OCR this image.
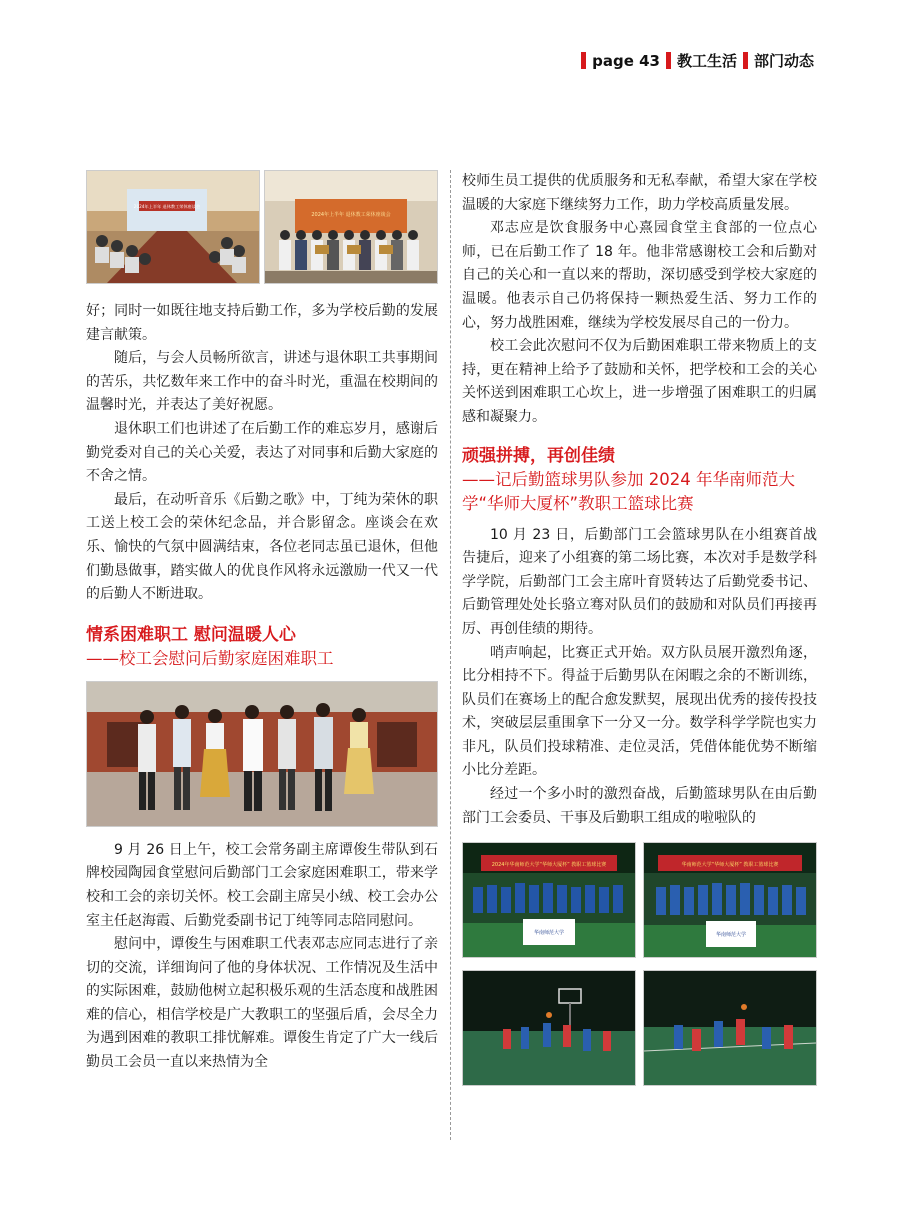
page 43 教工生活 部门动态
2024年上半年 退休教工荣休座谈会
2024年上半年 退休教工荣休座谈会

好；同时一如既往地支持后勤工作，多为学校后勤的发展建言献策。

随后，与会人员畅所欲言，讲述与退休职工共事期间的苦乐，共忆数年来工作中的奋斗时光，重温在校期间的温馨时光，并表达了美好祝愿。

退休职工们也讲述了在后勤工作的难忘岁月，感谢后勤党委对自己的关心关爱，表达了对同事和后勤大家庭的不舍之情。

最后，在动听音乐《后勤之歌》中，丁纯为荣休的职工送上校工会的荣休纪念品，并合影留念。座谈会在欢乐、愉快的气氛中圆满结束，各位老同志虽已退休，但他们勤恳做事，踏实做人的优良作风将永远激励一代又一代的后勤人不断进取。

情系困难职工 慰问温暖人心

——校工会慰问后勤家庭困难职工

9 月 26 日上午，校工会常务副主席谭俊生带队到石牌校园陶园食堂慰问后勤部门工会家庭困难职工，带来学校和工会的亲切关怀。校工会副主席吴小绒、校工会办公室主任赵海霞、后勤党委副书记丁纯等同志陪同慰问。

慰问中，谭俊生与困难职工代表邓志应同志进行了亲切的交流，详细询问了他的身体状况、工作情况及生活中的实际困难，鼓励他树立起积极乐观的生活态度和战胜困难的信心，相信学校是广大教职工的坚强后盾，会尽全力为遇到困难的教职工排忧解难。谭俊生肯定了广大一线后勤员工会员一直以来热情为全

校师生员工提供的优质服务和无私奉献，希望大家在学校温暖的大家庭下继续努力工作，助力学校高质量发展。

邓志应是饮食服务中心熹园食堂主食部的一位点心师，已在后勤工作了 18 年。他非常感谢校工会和后勤对自己的关心和一直以来的帮助，深切感受到学校大家庭的温暖。他表示自己仍将保持一颗热爱生活、努力工作的心，努力战胜困难，继续为学校发展尽自己的一份力。

校工会此次慰问不仅为后勤困难职工带来物质上的支持，更在精神上给予了鼓励和关怀，把学校和工会的关心关怀送到困难职工心坎上，进一步增强了困难职工的归属感和凝聚力。

顽强拼搏，再创佳绩

——记后勤篮球男队参加 2024 年华南师范大学“华师大厦杯”教职工篮球比赛

10 月 23 日，后勤部门工会篮球男队在小组赛首战告捷后，迎来了小组赛的第二场比赛，本次对手是数学科学学院，后勤部门工会主席叶育贤转达了后勤党委书记、后勤管理处处长骆立骞对队员们的鼓励和对队员们再接再厉、再创佳绩的期待。

哨声响起，比赛正式开始。双方队员展开激烈角逐，比分相持不下。得益于后勤男队在闲暇之余的不断训练，队员们在赛场上的配合愈发默契，展现出优秀的接传投技术，突破层层重围拿下一分又一分。数学科学学院也实力非凡，队员们投球精准、走位灵活，凭借体能优势不断缩小比分差距。

经过一个多小时的激烈奋战，后勤篮球男队在由后勤部门工会委员、干事及后勤职工组成的啦啦队的

2024年华南师范大学“华师大厦杯” 教职工篮球比赛
华南师范大学
华南师范大学“华师大厦杯” 教职工篮球比赛
华南师范大学
